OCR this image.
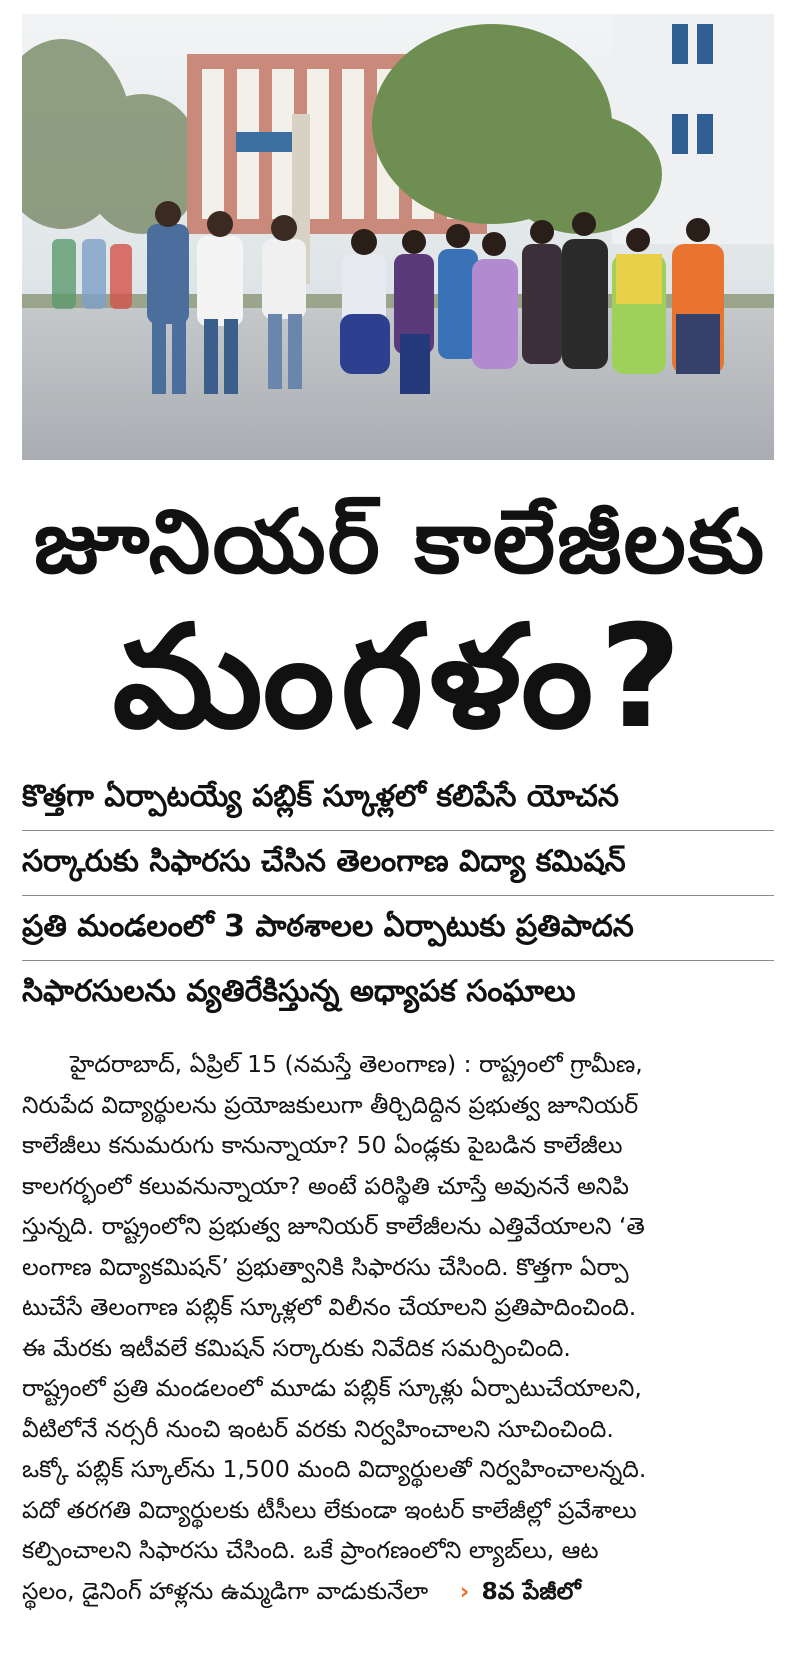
జూనియర్ కాలేజీలకు
మంగళం?
కొత్తగా ఏర్పాటయ్యే పబ్లిక్ స్కూళ్లలో కలిపేసే యోచన
సర్కారుకు సిఫారసు చేసిన తెలంగాణ విద్యా కమిషన్
ప్రతి మండలంలో 3 పాఠశాలల ఏర్పాటుకు ప్రతిపాదన
సిఫారసులను వ్యతిరేకిస్తున్న అధ్యాపక సంఘాలు
హైదరాబాద్, ఏప్రిల్ 15 (నమస్తే తెలంగాణ) : రాష్ట్రంలో గ్రామీణ,
నిరుపేద విద్యార్థులను ప్రయోజకులుగా తీర్చిదిద్దిన ప్రభుత్వ జూనియర్
కాలేజీలు కనుమరుగు కానున్నాయా? 50 ఏండ్లకు పైబడిన కాలేజీలు
కాలగర్భంలో కలువనున్నాయా? అంటే పరిస్థితి చూస్తే అవుననే అనిపి
స్తున్నది. రాష్ట్రంలోని ప్రభుత్వ జూనియర్ కాలేజీలను ఎత్తివేయాలని ‘తె
లంగాణ విద్యాకమిషన్’ ప్రభుత్వానికి సిఫారసు చేసింది. కొత్తగా ఏర్పా
టుచేసే తెలంగాణ పబ్లిక్ స్కూళ్లలో విలీనం చేయాలని ప్రతిపాదించింది.
ఈ మేరకు ఇటీవలే కమిషన్ సర్కారుకు నివేదిక సమర్పించింది.
రాష్ట్రంలో ప్రతి మండలంలో మూడు పబ్లిక్ స్కూళ్లు ఏర్పాటుచేయాలని,
వీటిలోనే నర్సరీ నుంచి ఇంటర్ వరకు నిర్వహించాలని సూచించింది.
ఒక్కో పబ్లిక్ స్కూల్‌ను 1,500 మంది విద్యార్థులతో నిర్వహించాలన్నది.
పదో తరగతి విద్యార్థులకు టీసీలు లేకుండా ఇంటర్ కాలేజీల్లో ప్రవేశాలు
కల్పించాలని సిఫారసు చేసింది. ఒకే ప్రాంగణంలోని ల్యాబ్‌లు, ఆట
స్థలం, డైనింగ్ హాళ్లను ఉమ్మడిగా వాడుకునేలా › 8వ పేజీలో
